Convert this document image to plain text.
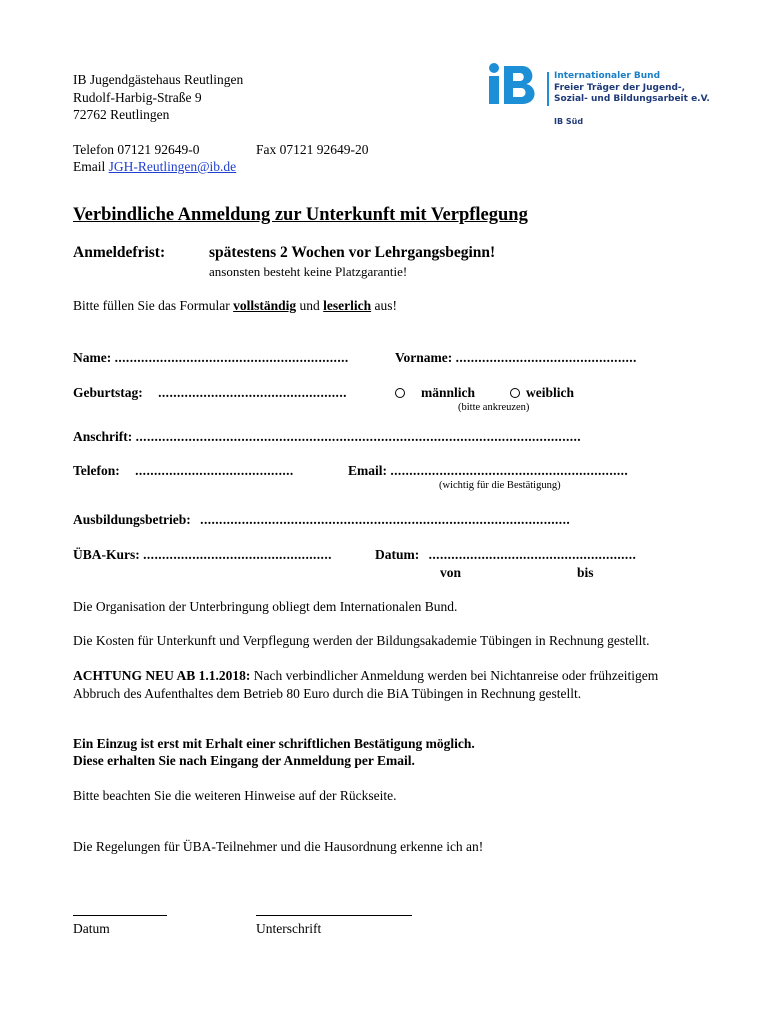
IB Jugendgästehaus Reutlingen
Rudolf-Harbig-Straße 9
72762 Reutlingen
Telefon 07121 92649-0	Fax 07121 92649-20
Email JGH-Reutlingen@ib.de
Internationaler Bund
Freier Träger der Jugend-,
Sozial- und Bildungsarbeit e.V.
IB Süd
Verbindliche Anmeldung zur Unterkunft mit Verpflegung
Anmeldefrist:	spätestens 2 Wochen vor Lehrgangsbeginn!
ansonsten besteht keine Platzgarantie!
Bitte füllen Sie das Formular vollständig und leserlich aus!
Name: ..............................................................	Vorname: ................................................
Geburtstag: ..................................................	männlich	weiblich
(bitte ankreuzen)
Anschrift: ......................................................................................................................
Telefon: ..........................................	Email: ...............................................................
(wichtig für die Bestätigung)
Ausbildungsbetrieb: ..................................................................................................
ÜBA-Kurs: ..................................................	Datum: .......................................................
von	bis
Die Organisation der Unterbringung obliegt dem Internationalen Bund.
Die Kosten für Unterkunft und Verpflegung werden der Bildungsakademie Tübingen in Rechnung gestellt.
ACHTUNG NEU AB 1.1.2018: Nach verbindlicher Anmeldung werden bei Nichtanreise oder frühzeitigem Abbruch des Aufenthaltes dem Betrieb 80 Euro durch die BiA Tübingen in Rechnung gestellt.
Ein Einzug ist erst mit Erhalt einer schriftlichen Bestätigung möglich.
Diese erhalten Sie nach Eingang der Anmeldung per Email.
Bitte beachten Sie die weiteren Hinweise auf der Rückseite.
Die Regelungen für ÜBA-Teilnehmer und die Hausordnung erkenne ich an!
Datum	Unterschrift
